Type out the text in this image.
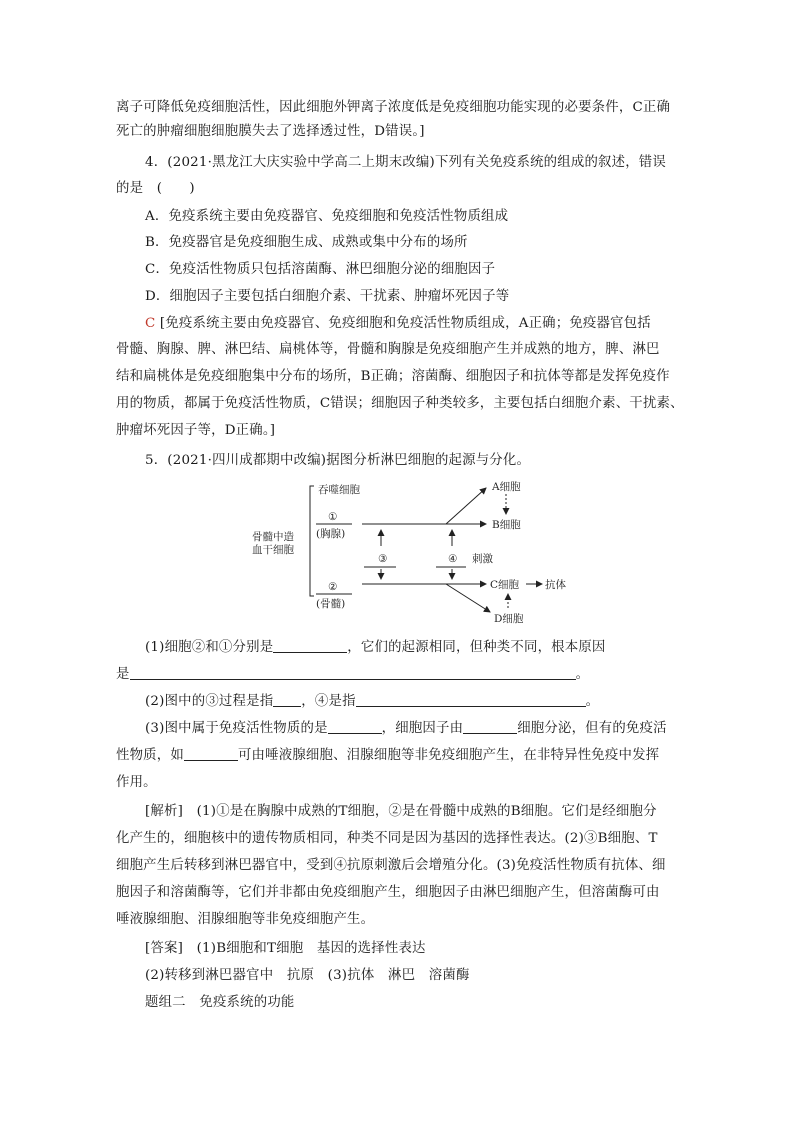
离子可降低免疫细胞活性，因此细胞外钾离子浓度低是免疫细胞功能实现的必要条件，C正确
死亡的肿瘤细胞细胞膜失去了选择透过性，D错误。]
4．(2021·黑龙江大庆实验中学高二上期末改编)下列有关免疫系统的组成的叙述，错误
的是　(　　)
A．免疫系统主要由免疫器官、免疫细胞和免疫活性物质组成
B．免疫器官是免疫细胞生成、成熟或集中分布的场所
C．免疫活性物质只包括溶菌酶、淋巴细胞分泌的细胞因子
D．细胞因子主要包括白细胞介素、干扰素、肿瘤坏死因子等
C [免疫系统主要由免疫器官、免疫细胞和免疫活性物质组成，A正确；免疫器官包括
骨髓、胸腺、脾、淋巴结、扁桃体等，骨髓和胸腺是免疫细胞产生并成熟的地方，脾、淋巴
结和扁桃体是免疫细胞集中分布的场所，B正确；溶菌酶、细胞因子和抗体等都是发挥免疫作
用的物质，都属于免疫活性物质，C错误；细胞因子种类较多，主要包括白细胞介素、干扰素、
肿瘤坏死因子等，D正确。]
5．(2021·四川成都期中改编)据图分析淋巴细胞的起源与分化。
骨髓中造
血干细胞
吞噬细胞
①
(胸腺)
②
(骨髓)
③	④ 刺激
A细胞
B细胞
C细胞 抗体
D细胞
(1)细胞②和①分别是	，它们的起源相同，但种类不同，根本原因
是	。
(2)图中的③过程是指 ，④是指	。
(3)图中属于免疫活性物质的是	，细胞因子由	细胞分泌，但有的免疫活
性物质，如	可由唾液腺细胞、泪腺细胞等非免疫细胞产生，在非特异性免疫中发挥
作用。
[解析]　(1)①是在胸腺中成熟的T细胞，②是在骨髓中成熟的B细胞。它们是经细胞分
化产生的，细胞核中的遗传物质相同，种类不同是因为基因的选择性表达。(2)③B细胞、T
细胞产生后转移到淋巴器官中，受到④抗原刺激后会增殖分化。(3)免疫活性物质有抗体、细
胞因子和溶菌酶等，它们并非都由免疫细胞产生，细胞因子由淋巴细胞产生，但溶菌酶可由
唾液腺细胞、泪腺细胞等非免疫细胞产生。
[答案]　(1)B细胞和T细胞　基因的选择性表达
(2)转移到淋巴器官中　抗原　(3)抗体　淋巴　溶菌酶
题组二　免疫系统的功能
